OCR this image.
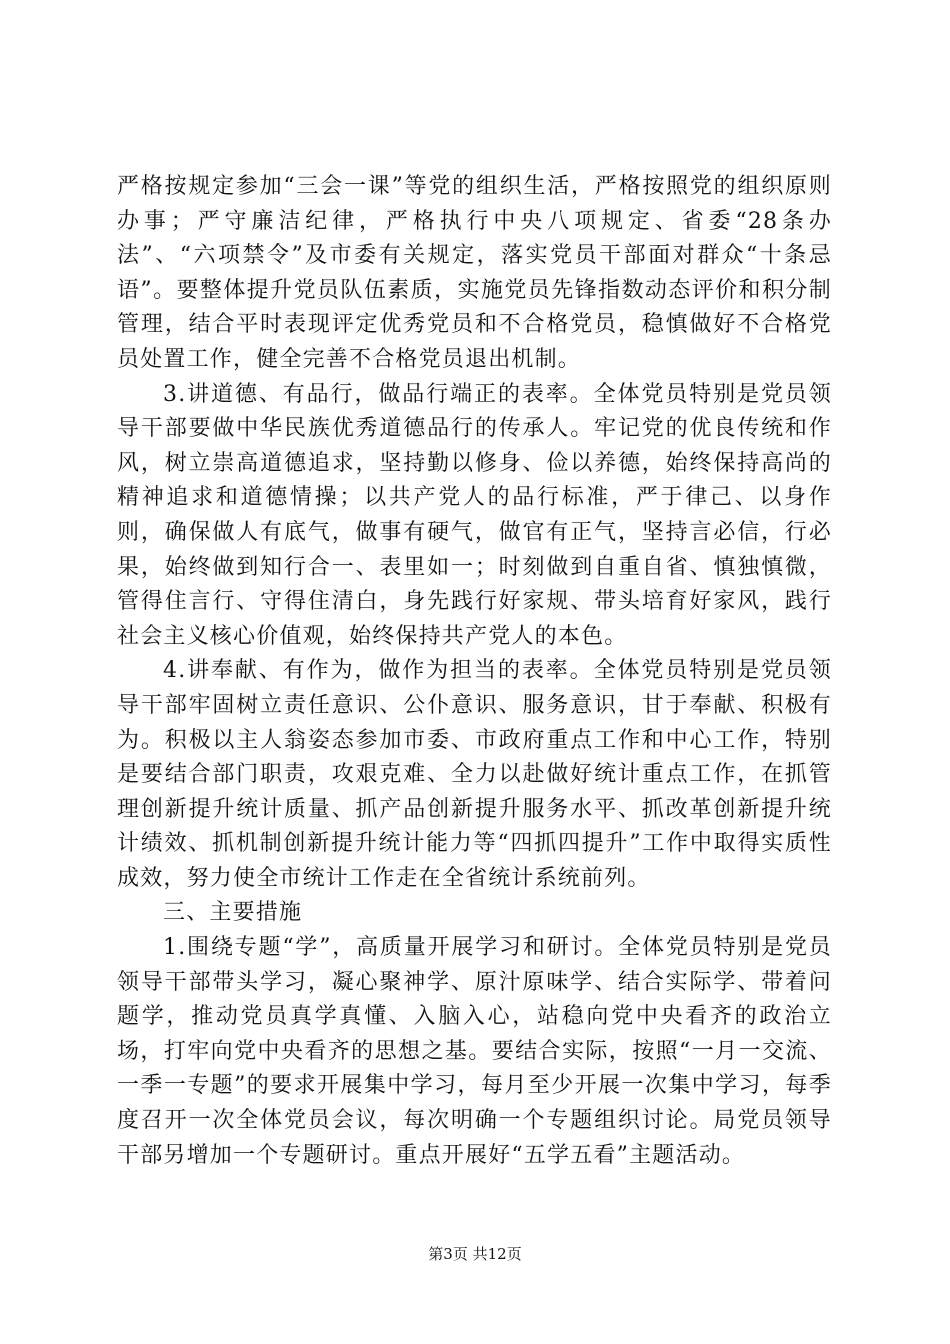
严格按规定参加“三会一课”等党的组织生活，严格按照党的组织原则办事；严守廉洁纪律，严格执行中央八项规定、省委“28条办法”、“六项禁令”及市委有关规定，落实党员干部面对群众“十条忌语”。要整体提升党员队伍素质，实施党员先锋指数动态评价和积分制管理，结合平时表现评定优秀党员和不合格党员，稳慎做好不合格党员处置工作，健全完善不合格党员退出机制。

3.讲道德、有品行，做品行端正的表率。全体党员特别是党员领导干部要做中华民族优秀道德品行的传承人。牢记党的优良传统和作风，树立崇高道德追求，坚持勤以修身、俭以养德，始终保持高尚的精神追求和道德情操；以共产党人的品行标准，严于律己、以身作则，确保做人有底气，做事有硬气，做官有正气，坚持言必信，行必果，始终做到知行合一、表里如一；时刻做到自重自省、慎独慎微，管得住言行、守得住清白，身先践行好家规、带头培育好家风，践行社会主义核心价值观，始终保持共产党人的本色。

4.讲奉献、有作为，做作为担当的表率。全体党员特别是党员领导干部牢固树立责任意识、公仆意识、服务意识，甘于奉献、积极有为。积极以主人翁姿态参加市委、市政府重点工作和中心工作，特别是要结合部门职责，攻艰克难、全力以赴做好统计重点工作，在抓管理创新提升统计质量、抓产品创新提升服务水平、抓改革创新提升统计绩效、抓机制创新提升统计能力等“四抓四提升”工作中取得实质性成效，努力使全市统计工作走在全省统计系统前列。

三、主要措施

1.围绕专题“学”，高质量开展学习和研讨。全体党员特别是党员领导干部带头学习，凝心聚神学、原汁原味学、结合实际学、带着问题学，推动党员真学真懂、入脑入心，站稳向党中央看齐的政治立场，打牢向党中央看齐的思想之基。要结合实际，按照“一月一交流、一季一专题”的要求开展集中学习，每月至少开展一次集中学习，每季度召开一次全体党员会议，每次明确一个专题组织讨论。局党员领导干部另增加一个专题研讨。重点开展好“五学五看”主题活动。

第3页 共12页
